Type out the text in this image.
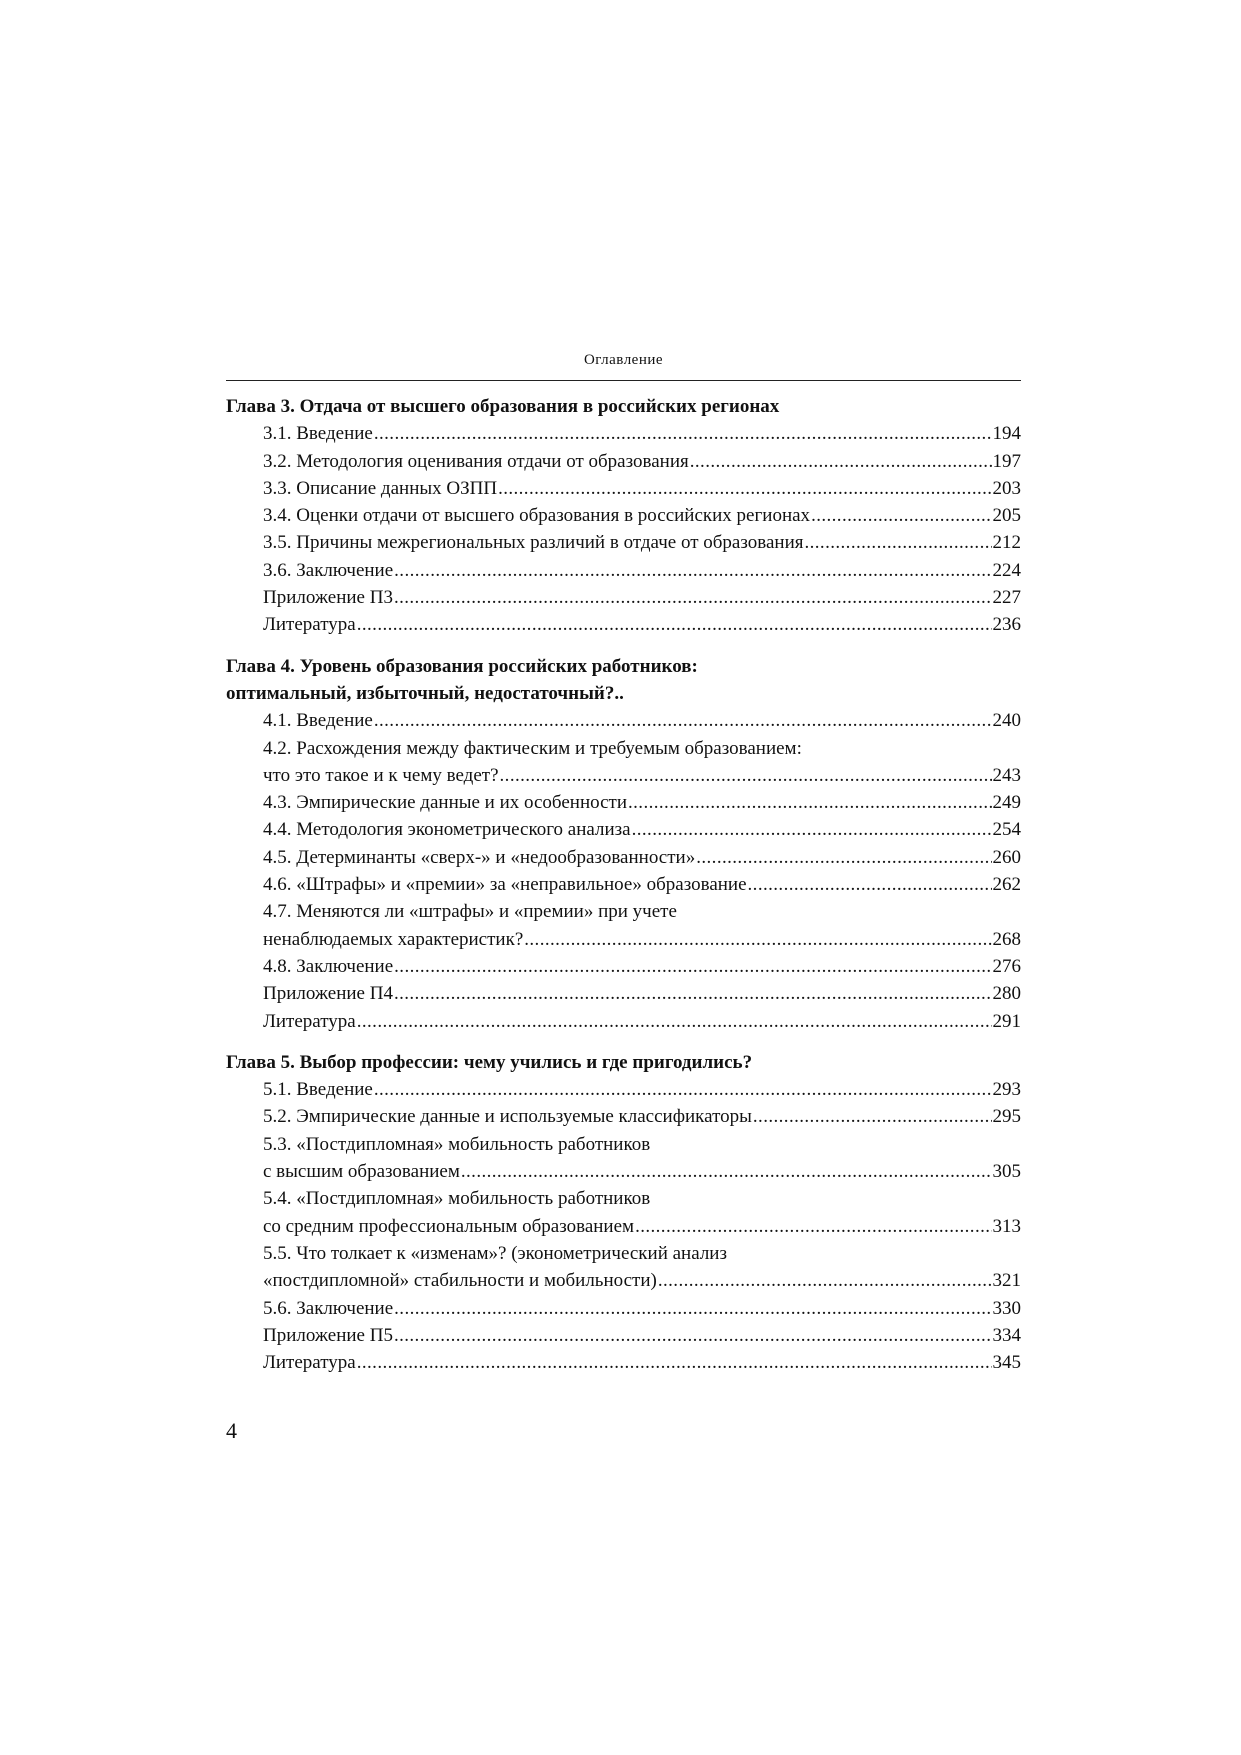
Оглавление
Глава 3. Отдача от высшего образования в российских регионах
3.1. Введение .....	194
3.2. Методология оценивания отдачи от образования .....	197
3.3. Описание данных ОЗПП .....	203
3.4. Оценки отдачи от высшего образования в российских регионах .....	205
3.5. Причины межрегиональных различий в отдаче от образования .....	212
3.6. Заключение .....	224
Приложение П3 .....	227
Литература .....	236
Глава 4. Уровень образования российских работников:
оптимальный, избыточный, недостаточный?..
4.1. Введение .....	240
4.2. Расхождения между фактическим и требуемым образованием:
что это такое и к чему ведет? .....	243
4.3. Эмпирические данные и их особенности .....	249
4.4. Методология эконометрического анализа .....	254
4.5. Детерминанты «сверх-» и «недообразованности» .....	260
4.6. «Штрафы» и «премии» за «неправильное» образование .....	262
4.7. Меняются ли «штрафы» и «премии» при учете
ненаблюдаемых характеристик? .....	268
4.8. Заключение .....	276
Приложение П4 .....	280
Литература .....	291
Глава 5. Выбор профессии: чему учились и где пригодились?
5.1. Введение .....	293
5.2. Эмпирические данные и используемые классификаторы .....	295
5.3. «Постдипломная» мобильность работников
с высшим образованием .....	305
5.4. «Постдипломная» мобильность работников
со средним профессиональным образованием .....	313
5.5. Что толкает к «изменам»? (эконометрический анализ
«постдипломной» стабильности и мобильности) .....	321
5.6. Заключение .....	330
Приложение П5 .....	334
Литература .....	345
4
